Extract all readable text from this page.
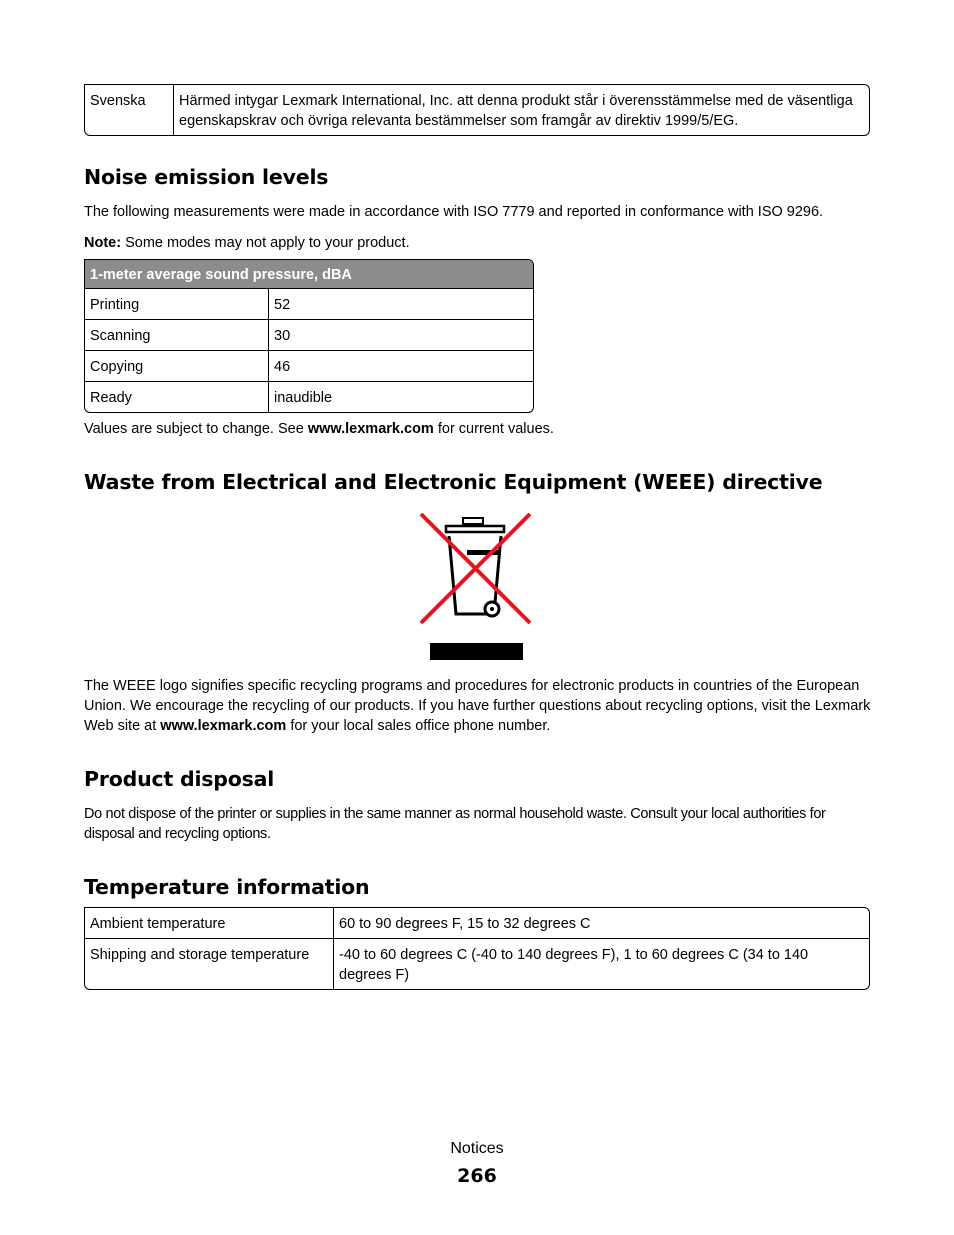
Svenska	Härmed intygar Lexmark International, Inc. att denna produkt står i överensstämmelse med de väsentliga egenskapskrav och övriga relevanta bestämmelser som framgår av direktiv 1999/5/EG.
Noise emission levels

The following measurements were made in accordance with ISO 7779 and reported in conformance with ISO 9296.

Note: Some modes may not apply to your product.

1-meter average sound pressure, dBA	
Printing	52
Scanning	30
Copying	46
Ready	inaudible

Values are subject to change. See www.lexmark.com for current values.

Waste from Electrical and Electronic Equipment (WEEE) directive

The WEEE logo signifies specific recycling programs and procedures for electronic products in countries of the European Union. We encourage the recycling of our products. If you have further questions about recycling options, visit the Lexmark Web site at www.lexmark.com for your local sales office phone number.

Product disposal

Do not dispose of the printer or supplies in the same manner as normal household waste. Consult your local authorities for disposal and recycling options.

Temperature information
Ambient temperature	60 to 90 degrees F, 15 to 32 degrees C
Shipping and storage temperature	-40 to 60 degrees C (-40 to 140 degrees F), 1 to 60 degrees C (34 to 140 degrees F)
Notices
266
